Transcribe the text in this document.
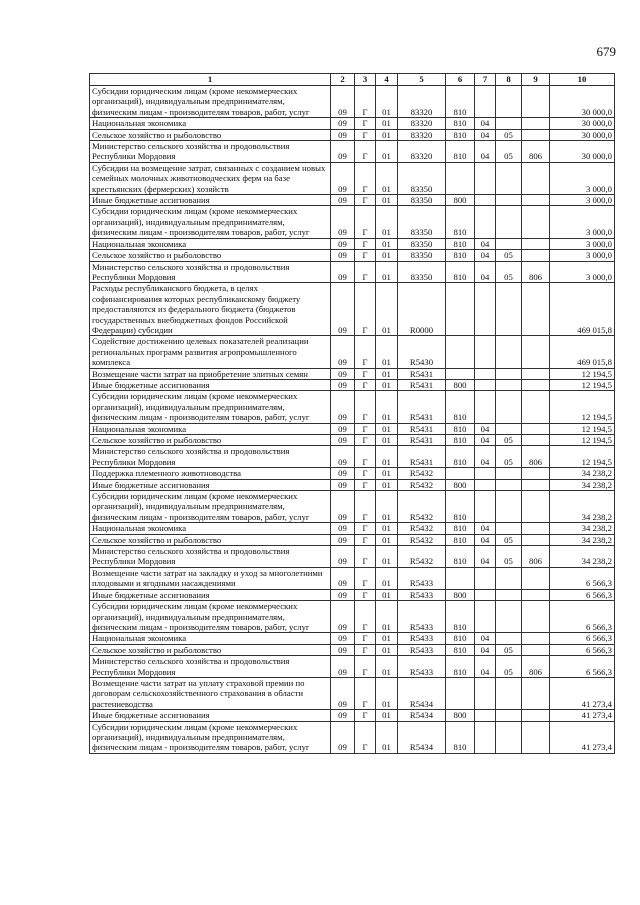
679
1	2	3	4	5	6	7	8	9	10
Субсидии юридическим лицам (кроме некоммерческих организаций), индивидуальным предпринимателям, физическим лицам - производителям товаров, работ, услуг	09	Г	01	83320	810				30 000,0
Национальная экономика	09	Г	01	83320	810	04			30 000,0
Сельское хозяйство и рыболовство	09	Г	01	83320	810	04	05		30 000,0
Министерство сельского хозяйства и продовольствия Республики Мордовия	09	Г	01	83320	810	04	05	806	30 000,0
Субсидии на возмещение затрат, связанных с созданием новых семейных молочных животноводческих ферм на базе крестьянских (фермерских) хозяйств	09	Г	01	83350					3 000,0
Иные бюджетные ассигнования	09	Г	01	83350	800				3 000,0
Субсидии юридическим лицам (кроме некоммерческих организаций), индивидуальным предпринимателям, физическим лицам - производителям товаров, работ, услуг	09	Г	01	83350	810				3 000,0
Национальная экономика	09	Г	01	83350	810	04			3 000,0
Сельское хозяйство и рыболовство	09	Г	01	83350	810	04	05		3 000,0
Министерство сельского хозяйства и продовольствия Республики Мордовия	09	Г	01	83350	810	04	05	806	3 000,0
Расходы республиканского бюджета, в целях софинансирования которых республиканскому бюджету предоставляются из федерального бюджета (бюджетов государственных внебюджетных фондов Российской Федерации) субсидии	09	Г	01	R0000					469 015,8
Содействие достижению целевых показателей реализации региональных программ развития агропромышленного комплекса	09	Г	01	R5430					469 015,8
Возмещение части затрат на приобретение элитных семян	09	Г	01	R5431					12 194,5
Иные бюджетные ассигнования	09	Г	01	R5431	800				12 194,5
Субсидии юридическим лицам (кроме некоммерческих организаций), индивидуальным предпринимателям, физическим лицам - производителям товаров, работ, услуг	09	Г	01	R5431	810				12 194,5
Национальная экономика	09	Г	01	R5431	810	04			12 194,5
Сельское хозяйство и рыболовство	09	Г	01	R5431	810	04	05		12 194,5
Министерство сельского хозяйства и продовольствия Республики Мордовия	09	Г	01	R5431	810	04	05	806	12 194,5
Поддержка племенного животноводства	09	Г	01	R5432					34 238,2
Иные бюджетные ассигнования	09	Г	01	R5432	800				34 238,2
Субсидии юридическим лицам (кроме некоммерческих организаций), индивидуальным предпринимателям, физическим лицам - производителям товаров, работ, услуг	09	Г	01	R5432	810				34 238,2
Национальная экономика	09	Г	01	R5432	810	04			34 238,2
Сельское хозяйство и рыболовство	09	Г	01	R5432	810	04	05		34 238,2
Министерство сельского хозяйства и продовольствия Республики Мордовия	09	Г	01	R5432	810	04	05	806	34 238,2
Возмещение части затрат на закладку и уход за многолетними плодовыми и ягодными насаждениями	09	Г	01	R5433					6 566,3
Иные бюджетные ассигнования	09	Г	01	R5433	800				6 566,3
Субсидии юридическим лицам (кроме некоммерческих организаций), индивидуальным предпринимателям, физическим лицам - производителям товаров, работ, услуг	09	Г	01	R5433	810				6 566,3
Национальная экономика	09	Г	01	R5433	810	04			6 566,3
Сельское хозяйство и рыболовство	09	Г	01	R5433	810	04	05		6 566,3
Министерство сельского хозяйства и продовольствия Республики Мордовия	09	Г	01	R5433	810	04	05	806	6 566,3
Возмещение части затрат на уплату страховой премии по договорам сельскохозяйственного страхования в области растениеводства	09	Г	01	R5434					41 273,4
Иные бюджетные ассигнования	09	Г	01	R5434	800				41 273,4
Субсидии юридическим лицам (кроме некоммерческих организаций), индивидуальным предпринимателям, физическим лицам - производителям товаров, работ, услуг	09	Г	01	R5434	810				41 273,4
